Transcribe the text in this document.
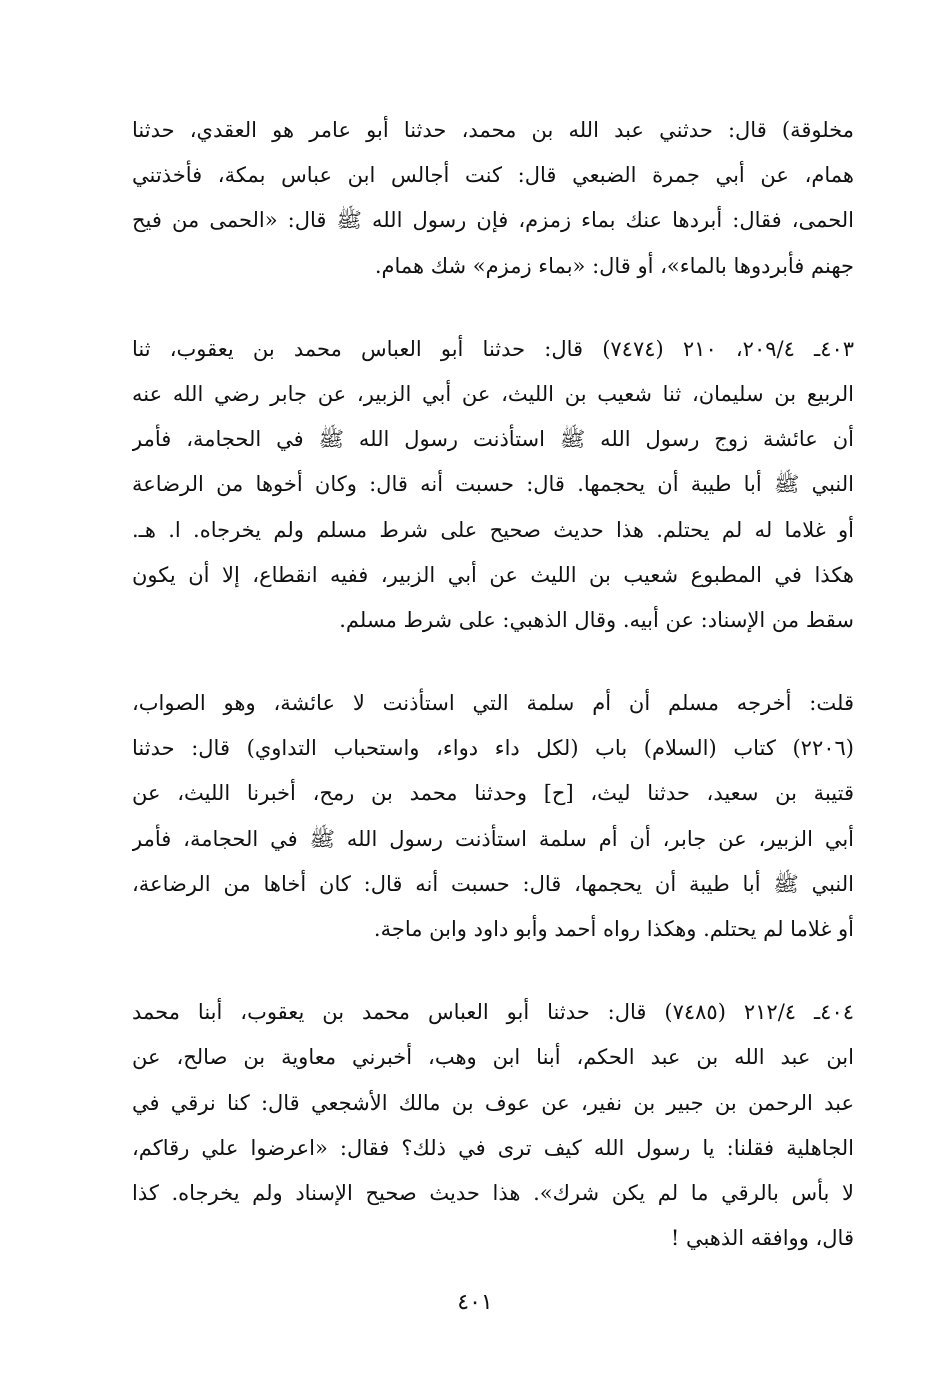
مخلوقة) قال: حدثني عبد الله بن محمد، حدثنا أبو عامر هو العقدي، حدثنا
همام، عن أبي جمرة الضبعي قال: كنت أجالس ابن عباس بمكة، فأخذتني
الحمى، فقال: أبردها عنك بماء زمزم، فإن رسول الله ﷺ قال: «الحمى من فيح
جهنم فأبردوها بالماء»، أو قال: «بماء زمزم» شك همام.
٤٠٣ـ ٢٠٩/٤، ٢١٠ (٧٤٧٤) قال: حدثنا أبو العباس محمد بن يعقوب، ثنا
الربيع بن سليمان، ثنا شعيب بن الليث، عن أبي الزبير، عن جابر رضي الله عنه
أن عائشة زوج رسول الله ﷺ استأذنت رسول الله ﷺ في الحجامة، فأمر
النبي ﷺ أبا طيبة أن يحجمها. قال: حسبت أنه قال: وكان أخوها من الرضاعة
أو غلاما له لم يحتلم. هذا حديث صحيح على شرط مسلم ولم يخرجاه. ا. هـ.
هكذا في المطبوع شعيب بن الليث عن أبي الزبير، ففيه انقطاع، إلا أن يكون
سقط من الإسناد: عن أبيه. وقال الذهبي: على شرط مسلم.
قلت: أخرجه مسلم أن أم سلمة التي استأذنت لا عائشة، وهو الصواب،
(٢٢٠٦) كتاب (السلام) باب (لكل داء دواء، واستحباب التداوي) قال: حدثنا
قتيبة بن سعيد، حدثنا ليث، [ح] وحدثنا محمد بن رمح، أخبرنا الليث، عن
أبي الزبير، عن جابر، أن أم سلمة استأذنت رسول الله ﷺ في الحجامة، فأمر
النبي ﷺ أبا طيبة أن يحجمها، قال: حسبت أنه قال: كان أخاها من الرضاعة،
أو غلاما لم يحتلم. وهكذا رواه أحمد وأبو داود وابن ماجة.
٤٠٤ـ ٢١٢/٤ (٧٤٨٥) قال: حدثنا أبو العباس محمد بن يعقوب، أبنا محمد
ابن عبد الله بن عبد الحكم، أبنا ابن وهب، أخبرني معاوية بن صالح، عن
عبد الرحمن بن جبير بن نفير، عن عوف بن مالك الأشجعي قال: كنا نرقي في
الجاهلية فقلنا: يا رسول الله كيف ترى في ذلك؟ فقال: «اعرضوا علي رقاكم،
لا بأس بالرقي ما لم يكن شرك». هذا حديث صحيح الإسناد ولم يخرجاه. كذا
قال، ووافقه الذهبي !
٤٠١
